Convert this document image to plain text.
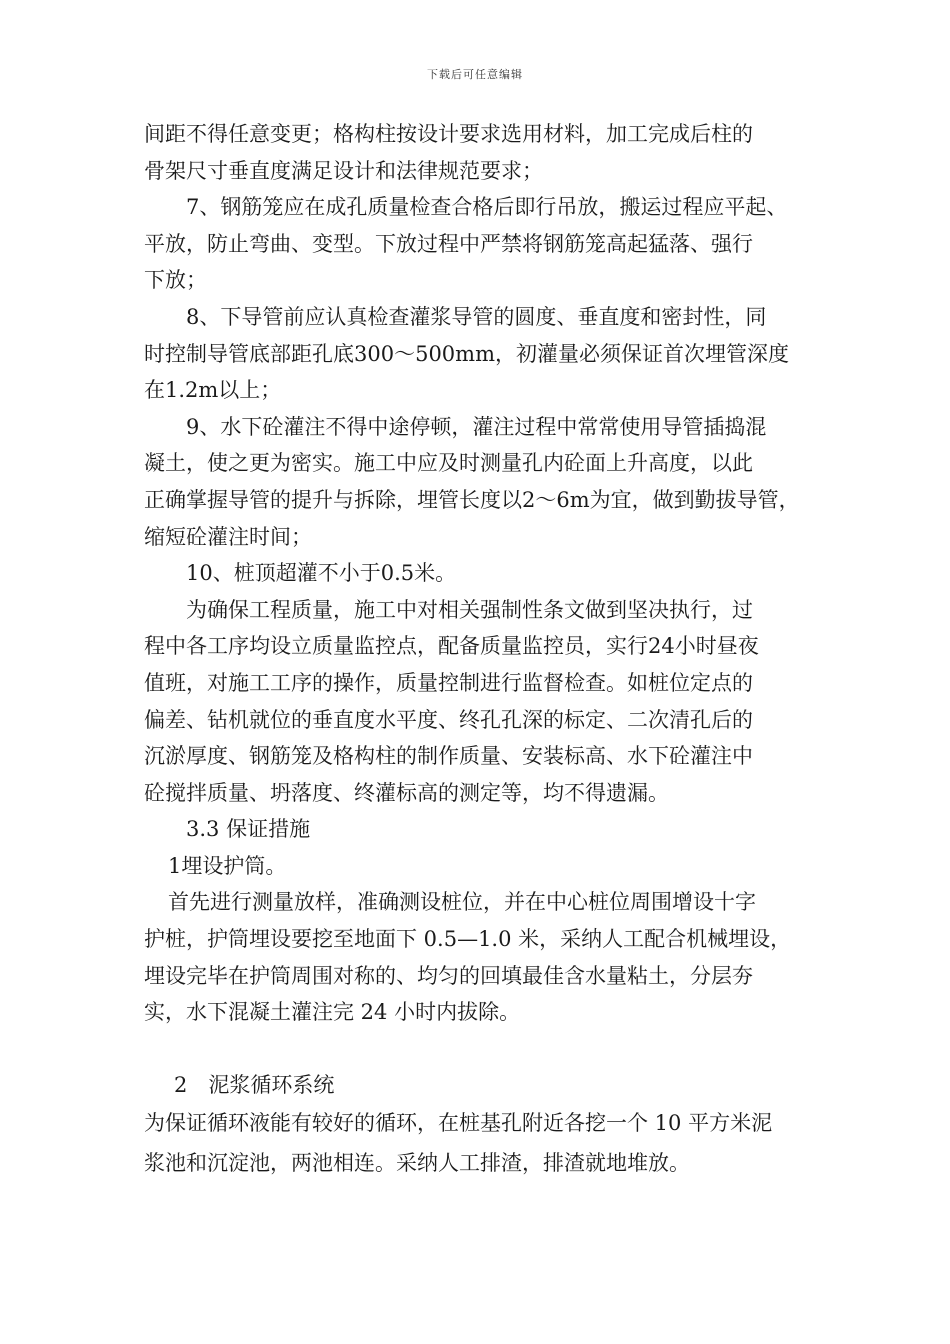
下载后可任意编辑

间距不得任意变更；格构柱按设计要求选用材料，加工完成后柱的

骨架尺寸垂直度满足设计和法律规范要求；

7、钢筋笼应在成孔质量检查合格后即行吊放，搬运过程应平起、

平放，防止弯曲、变型。下放过程中严禁将钢筋笼高起猛落、强行

下放；

8、下导管前应认真检查灌浆导管的圆度、垂直度和密封性，同

时控制导管底部距孔底300～500mm，初灌量必须保证首次埋管深度

在1.2m以上；

9、水下砼灌注不得中途停顿，灌注过程中常常使用导管插捣混

凝土，使之更为密实。施工中应及时测量孔内砼面上升高度，以此

正确掌握导管的提升与拆除，埋管长度以2～6m为宜，做到勤拔导管，

缩短砼灌注时间；

10、桩顶超灌不小于0.5米。

为确保工程质量，施工中对相关强制性条文做到坚决执行，过

程中各工序均设立质量监控点，配备质量监控员，实行24小时昼夜

值班，对施工工序的操作，质量控制进行监督检查。如桩位定点的

偏差、钻机就位的垂直度水平度、终孔孔深的标定、二次清孔后的

沉淤厚度、钢筋笼及格构柱的制作质量、安装标高、水下砼灌注中

砼搅拌质量、坍落度、终灌标高的测定等，均不得遗漏。

3.3 保证措施

1埋设护筒。

首先进行测量放样，准确测设桩位，并在中心桩位周围增设十字

护桩，护筒埋设要挖至地面下 0.5—1.0 米，采纳人工配合机械埋设，

埋设完毕在护筒周围对称的、均匀的回填最佳含水量粘土，分层夯

实，水下混凝土灌注完 24 小时内拔除。

2　泥浆循环系统

为保证循环液能有较好的循环，在桩基孔附近各挖一个 10 平方米泥

浆池和沉淀池，两池相连。采纳人工排渣，排渣就地堆放。
